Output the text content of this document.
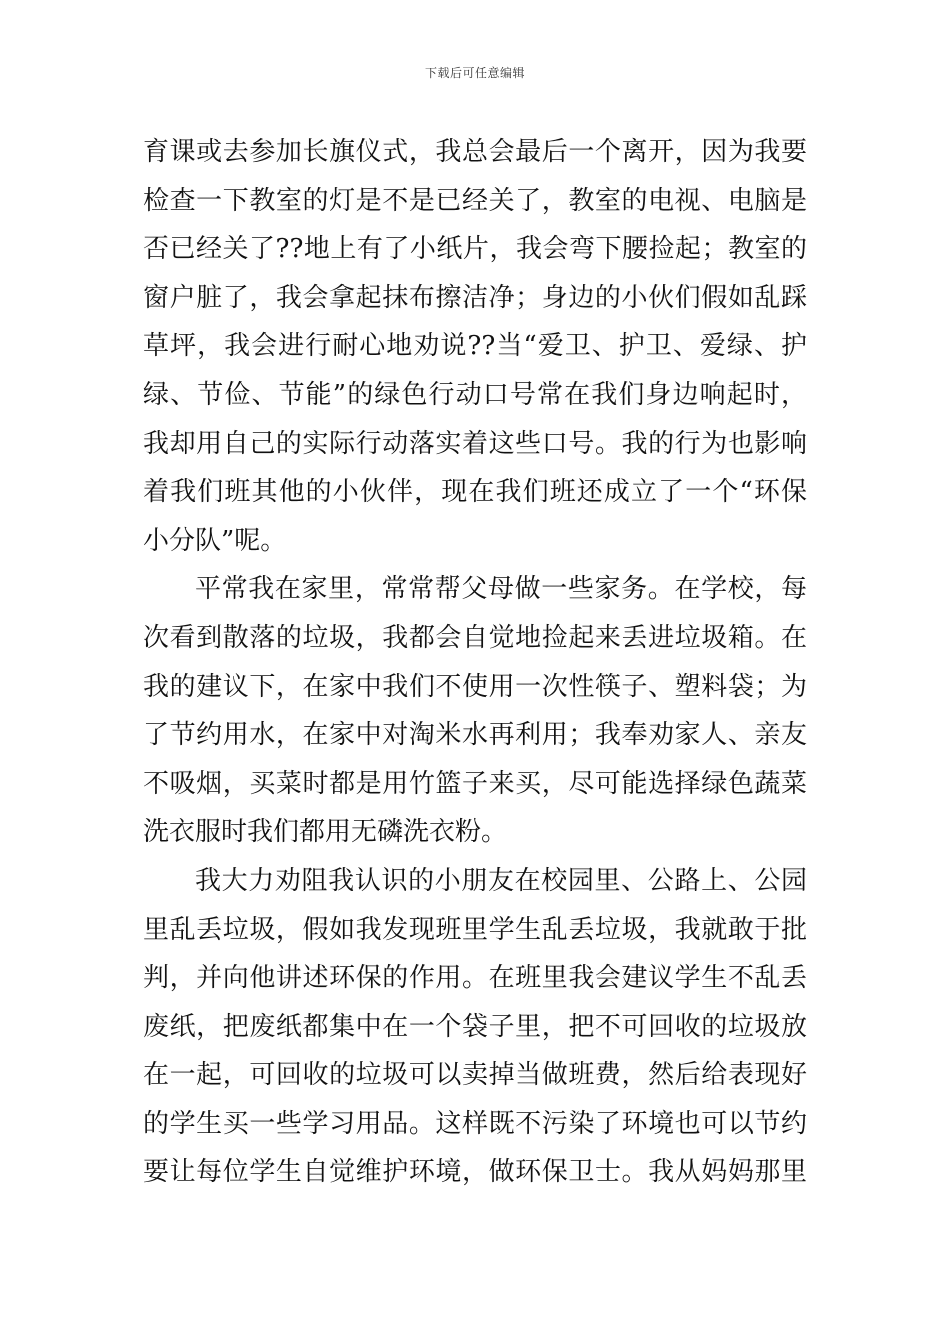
下载后可任意编辑
育课或去参加长旗仪式，我总会最后一个离开，因为我要
检查一下教室的灯是不是已经关了，教室的电视、电脑是
否已经关了??地上有了小纸片，我会弯下腰捡起；教室的
窗户脏了，我会拿起抹布擦洁净；身边的小伙们假如乱踩
草坪，我会进行耐心地劝说??当“爱卫、护卫、爱绿、护
绿、节俭、节能”的绿色行动口号常在我们身边响起时，
我却用自己的实际行动落实着这些口号。我的行为也影响
着我们班其他的小伙伴，现在我们班还成立了一个“环保
小分队”呢。
平常我在家里，常常帮父母做一些家务。在学校，每
次看到散落的垃圾，我都会自觉地捡起来丢进垃圾箱。在
我的建议下，在家中我们不使用一次性筷子、塑料袋；为
了节约用水，在家中对淘米水再利用；我奉劝家人、亲友
不吸烟，买菜时都是用竹篮子来买，尽可能选择绿色蔬菜
洗衣服时我们都用无磷洗衣粉。
我大力劝阻我认识的小朋友在校园里、公路上、公园
里乱丢垃圾，假如我发现班里学生乱丢垃圾，我就敢于批
判，并向他讲述环保的作用。在班里我会建议学生不乱丢
废纸，把废纸都集中在一个袋子里，把不可回收的垃圾放
在一起，可回收的垃圾可以卖掉当做班费，然后给表现好
的学生买一些学习用品。这样既不污染了环境也可以节约
要让每位学生自觉维护环境，做环保卫士。我从妈妈那里
